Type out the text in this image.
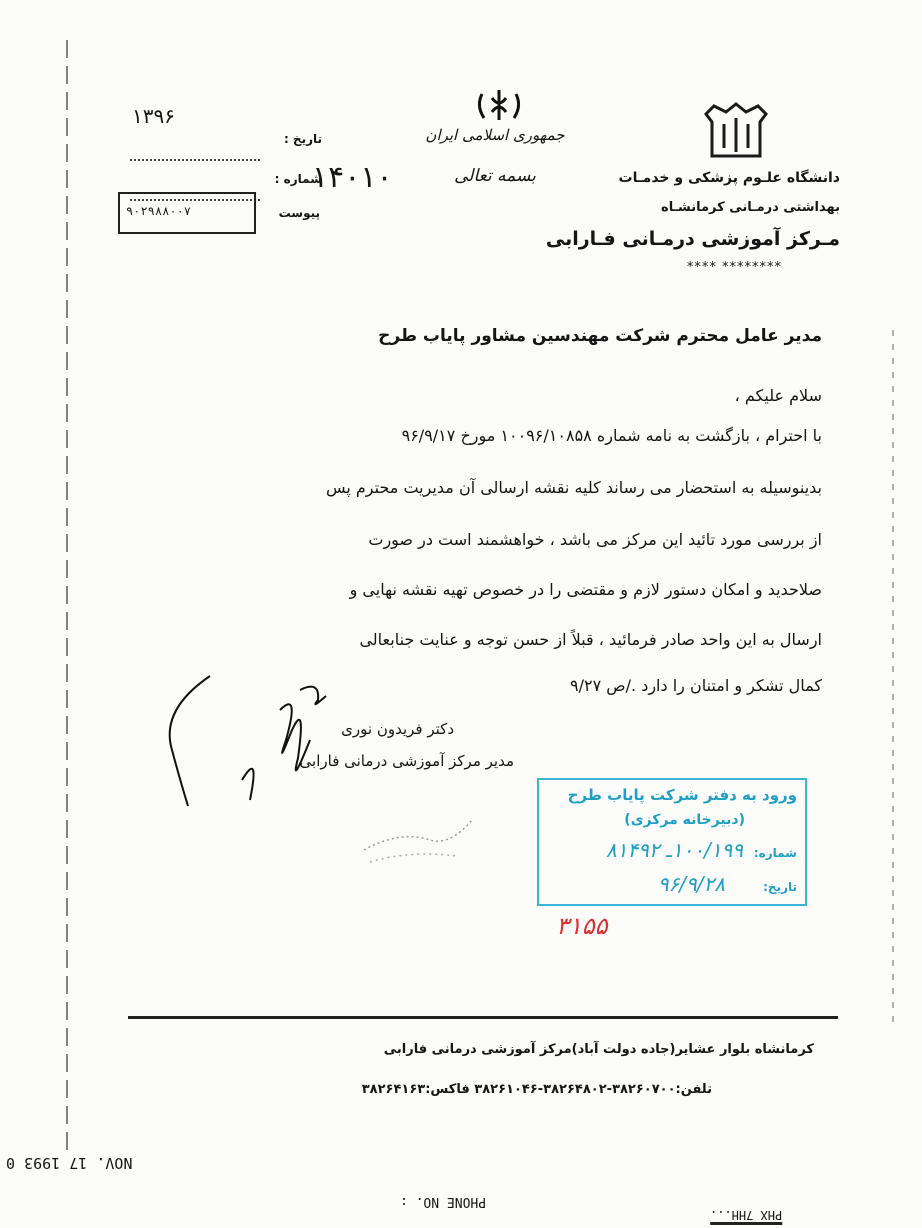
دانشگاه علـوم پزشکی و خدمـات
بهداشتی درمـانی کرمانشـاه
مـرکز آموزشی درمـانی فـارابی
******** ****
جمهوری اسلامی ایران
بسمه تعالی
تاریخ :
۱۳۹۶
شماره :
۱۴۰۱۰
پیوست
۹۰۲۹۸۸۰۰۷
مدیر عامل محترم شرکت مهندسین مشاور پایاب طرح
سلام علیکم ،
با احترام ، بازگشت به نامه شماره ۱۰۰۹۶/۱۰۸۵۸ مورخ ۹۶/۹/۱۷
بدینوسیله به استحضار می رساند کلیه نقشه ارسالی آن مدیریت محترم پس
از بررسی مورد تائید این مرکز می باشد ، خواهشمند است در صورت
صلاحدید و امکان دستور لازم و مقتضی را در خصوص تهیه نقشه نهایی و
ارسال به این واحد صادر فرمائید ، قبلاً از حسن توجه و عنایت جنابعالی
کمال تشکر و امتنان را دارد ./ص ۹/۲۷
دکتر فریدون نوری
مدیر مرکز آموزشی درمانی فارابی
ورود به دفتر شرکت پایاب طرح
(دبیرخانه مرکزی)
شماره:
۱۰۰/۱۹۹ـ ۸۱۴۹۲
تاریخ:
۹۶/۹/۲۸
۳۱۵۵
کرمانشاه بلوار عشایر(جاده دولت آباد)مرکز آموزشی درمانی فارابی
تلفن:۳۸۲۶۰۷۰۰-۳۸۲۶۴۸۰۲-۳۸۲۶۱۰۴۶ فاکس:۳۸۲۶۴۱۶۳
NOV. 17 1993 0
PHONE NO. :
PHX 7HH...
